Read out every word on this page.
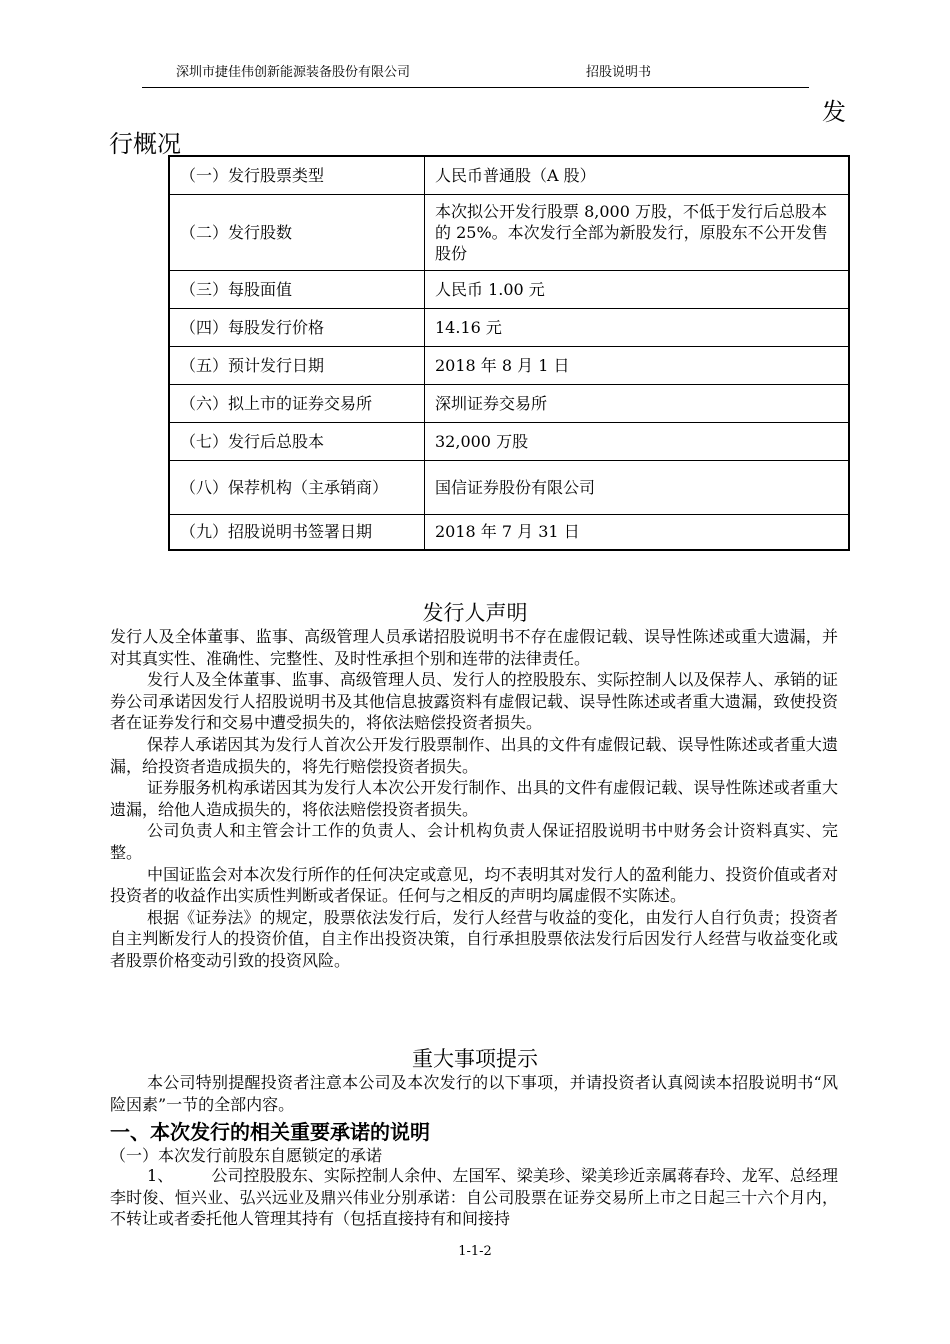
深圳市捷佳伟创新能源装备股份有限公司	招股说明书
发
行概况
（一）发行股票类型	人民币普通股（A 股）
（二）发行股数	本次拟公开发行股票 8,000 万股，不低于发行后总股本的 25%。本次发行全部为新股发行，原股东不公开发售股份
（三）每股面值	人民币 1.00 元
（四）每股发行价格	14.16 元
（五）预计发行日期	2018 年 8 月 1 日
（六）拟上市的证券交易所	深圳证券交易所
（七）发行后总股本	32,000 万股
（八）保荐机构（主承销商）	国信证券股份有限公司
（九）招股说明书签署日期	2018 年 7 月 31 日
发行人声明
发行人及全体董事、监事、高级管理人员承诺招股说明书不存在虚假记载、误导性陈述或重大遗漏，并对其真实性、准确性、完整性、及时性承担个别和连带的法律责任。
发行人及全体董事、监事、高级管理人员、发行人的控股股东、实际控制人以及保荐人、承销的证券公司承诺因发行人招股说明书及其他信息披露资料有虚假记载、误导性陈述或者重大遗漏，致使投资者在证券发行和交易中遭受损失的，将依法赔偿投资者损失。
保荐人承诺因其为发行人首次公开发行股票制作、出具的文件有虚假记载、误导性陈述或者重大遗漏，给投资者造成损失的，将先行赔偿投资者损失。
证券服务机构承诺因其为发行人本次公开发行制作、出具的文件有虚假记载、误导性陈述或者重大遗漏，给他人造成损失的，将依法赔偿投资者损失。
公司负责人和主管会计工作的负责人、会计机构负责人保证招股说明书中财务会计资料真实、完整。
中国证监会对本次发行所作的任何决定或意见，均不表明其对发行人的盈利能力、投资价值或者对投资者的收益作出实质性判断或者保证。任何与之相反的声明均属虚假不实陈述。
根据《证券法》的规定，股票依法发行后，发行人经营与收益的变化，由发行人自行负责；投资者自主判断发行人的投资价值，自主作出投资决策，自行承担股票依法发行后因发行人经营与收益变化或者股票价格变动引致的投资风险。
重大事项提示
本公司特别提醒投资者注意本公司及本次发行的以下事项，并请投资者认真阅读本招股说明书“风险因素”一节的全部内容。
一、本次发行的相关重要承诺的说明
（一）本次发行前股东自愿锁定的承诺
1、 公司控股股东、实际控制人余仲、左国军、梁美珍、梁美珍近亲属蒋春玲、龙军、总经理李时俊、恒兴业、弘兴远业及鼎兴伟业分别承诺：自公司股票在证券交易所上市之日起三十六个月内，不转让或者委托他人管理其持有（包括直接持有和间接持
1-1-2
